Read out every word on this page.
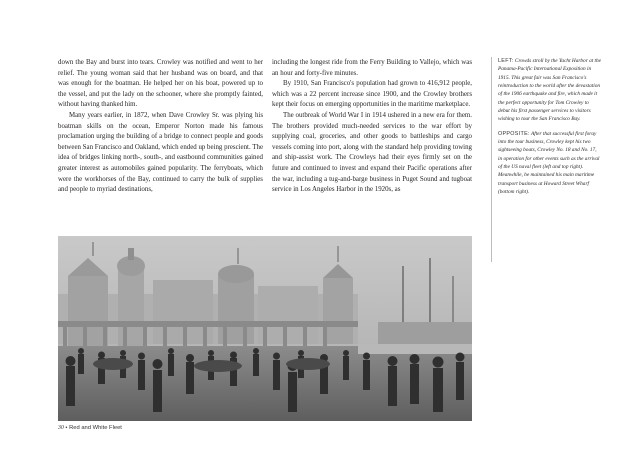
down the Bay and burst into tears. Crowley was notified and went to her relief. The young woman said that her husband was on board, and that was enough for the boatman. He helped her on his boat, powered up to the vessel, and put the lady on the schooner, where she promptly fainted, without having thanked him.

Many years earlier, in 1872, when Dave Crowley Sr. was plying his boatman skills on the ocean, Emperor Norton made his famous proclamation urging the building of a bridge to connect people and goods between San Francisco and Oakland, which ended up being prescient. The idea of bridges linking north-, south-, and eastbound communities gained greater interest as automobiles gained popularity. The ferryboats, which were the workhorses of the Bay, continued to carry the bulk of supplies and people to myriad destinations,

including the longest ride from the Ferry Building to Vallejo, which was an hour and forty-five minutes.

By 1910, San Francisco's population had grown to 416,912 people, which was a 22 percent increase since 1900, and the Crowley brothers kept their focus on emerging opportunities in the maritime marketplace.

The outbreak of World War I in 1914 ushered in a new era for them. The brothers provided much-needed services to the war effort by supplying coal, groceries, and other goods to battleships and cargo vessels coming into port, along with the standard help providing towing and ship-assist work. The Crowleys had their eyes firmly set on the future and continued to invest and expand their Pacific operations after the war, including a tug-and-barge business in Puget Sound and tugboat service in Los Angeles Harbor in the 1920s, as

LEFT: Crowds stroll by the Yacht Harbor at the Panama-Pacific International Exposition in 1915. This great fair was San Francisco's reintroduction to the world after the devastation of the 1906 earthquake and fire, which made it the perfect opportunity for Tom Crowley to debut his first passenger services to visitors wishing to tour the San Francisco Bay.

OPPOSITE: After that successful first foray into the tour business, Crowley kept his two sightseeing boats, Crowley No. 18 and No. 17, in operation for other events such as the arrival of the US naval fleet (left and top right). Meanwhile, he maintained his main maritime transport business at Howard Street Wharf (bottom right).

30 • Red and White Fleet
